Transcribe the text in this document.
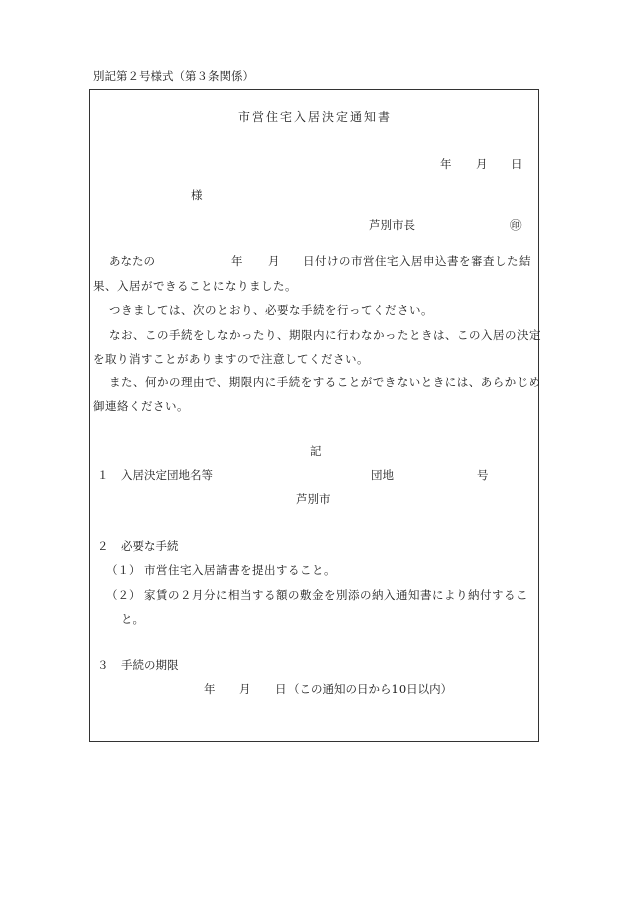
別記第２号様式（第３条関係）
市営住宅入居決定通知書
年 月 日
様
芦別市長	㊞
あなたの	年 月 日付けの市営住宅入居申込書を審査した結
果、入居ができることになりました。
つきましては、次のとおり、必要な手続を行ってください。
なお、この手続をしなかったり、期限内に行わなかったときは、この入居の決定
を取り消すことがありますので注意してください。
また、何かの理由で、期限内に手続をすることができないときには、あらかじめ
御連絡ください。
記
１ 入居決定団地名等	団地	号
芦別市
２ 必要な手続
（１） 市営住宅入居請書を提出すること。
（２） 家賃の２月分に相当する額の敷金を別添の納入通知書により納付するこ
と。
３ 手続の期限
年 月 日 （この通知の日から10日以内）
